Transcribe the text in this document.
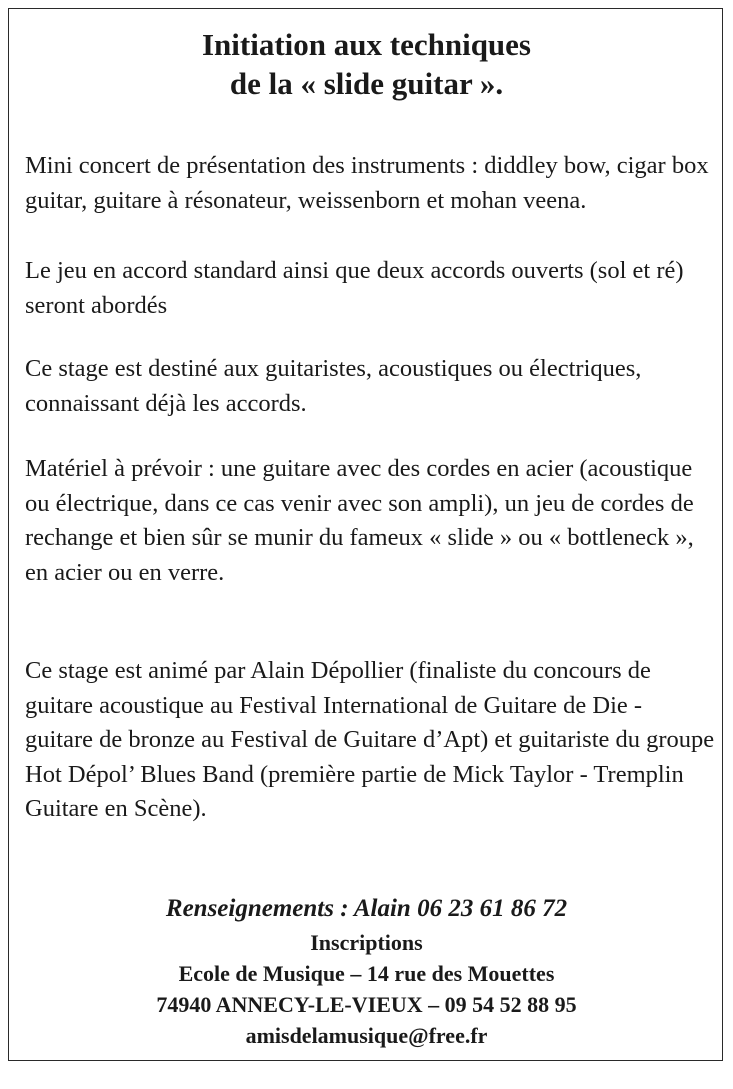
Initiation aux techniques
de la « slide guitar ».

Mini concert de présentation des instruments : diddley bow, cigar box guitar, guitare à résonateur, weissenborn et mohan veena.

Le jeu en accord standard ainsi que deux accords ouverts (sol et ré) seront abordés

Ce stage est destiné aux guitaristes, acoustiques ou électriques, connaissant déjà les accords.

Matériel à prévoir : une guitare avec des cordes en acier (acoustique ou électrique, dans ce cas venir avec son ampli), un jeu de cordes de rechange et bien sûr se munir du fameux « slide » ou « bottleneck », en acier ou en verre.

Ce stage est animé par Alain Dépollier (finaliste du concours de guitare acoustique au Festival International de Guitare de Die - guitare de bronze au Festival de Guitare d’Apt) et guitariste du groupe Hot Dépol’ Blues Band (première partie de Mick Taylor - Tremplin Guitare en Scène).

Renseignements : Alain 06 23 61 86 72

Inscriptions

Ecole de Musique – 14 rue des Mouettes

74940 ANNECY-LE-VIEUX – 09 54 52 88 95

amisdelamusique@free.fr
